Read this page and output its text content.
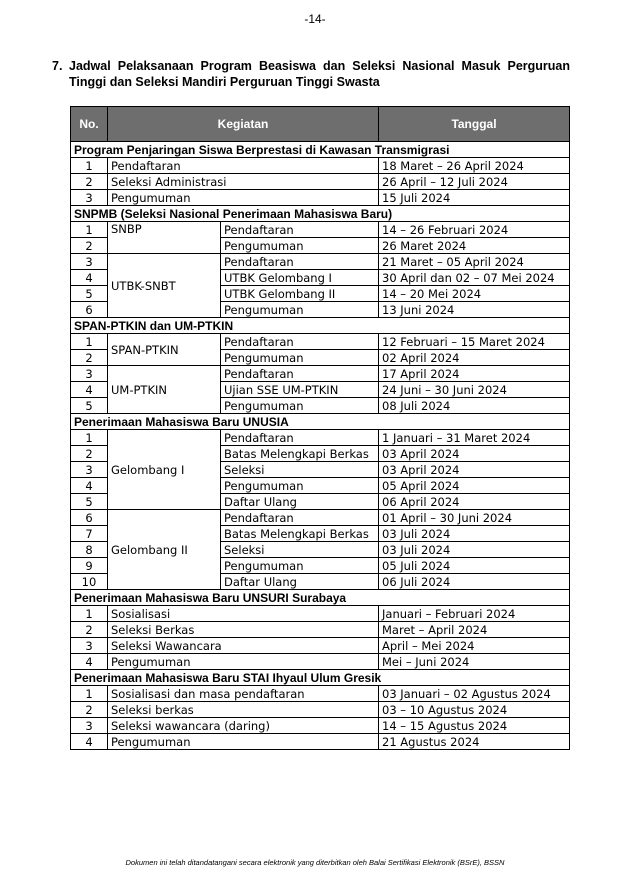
-14-
7. Jadwal Pelaksanaan Program Beasiswa dan Seleksi Nasional Masuk Perguruan Tinggi dan Seleksi Mandiri Perguruan Tinggi Swasta
No.	Kegiatan		Tanggal
Program Penjaringan Siswa Berprestasi di Kawasan Transmigrasi			
1	Pendaftaran		18 Maret – 26 April 2024
2	Seleksi Administrasi		26 April – 12 Juli 2024
3	Pengumuman		15 Juli 2024
SNPMB (Seleksi Nasional Penerimaan Mahasiswa Baru)			
1	SNBP	Pendaftaran	14 – 26 Februari 2024
2		Pengumuman	26 Maret 2024
3	UTBK-SNBT	Pendaftaran	21 Maret – 05 April 2024
4		UTBK Gelombang I	30 April dan 02 – 07 Mei 2024
5		UTBK Gelombang II	14 – 20 Mei 2024
6		Pengumuman	13 Juni 2024
SPAN-PTKIN dan UM-PTKIN			
1	SPAN-PTKIN	Pendaftaran	12 Februari – 15 Maret 2024
2		Pengumuman	02 April 2024
3	UM-PTKIN	Pendaftaran	17 April 2024
4		Ujian SSE UM-PTKIN	24 Juni – 30 Juni 2024
5		Pengumuman	08 Juli 2024
Penerimaan Mahasiswa Baru UNUSIA			
1	Gelombang I	Pendaftaran	1 Januari – 31 Maret 2024
2		Batas Melengkapi Berkas	03 April 2024
3		Seleksi	03 April 2024
4		Pengumuman	05 April 2024
5		Daftar Ulang	06 April 2024
6	Gelombang II	Pendaftaran	01 April – 30 Juni 2024
7		Batas Melengkapi Berkas	03 Juli 2024
8		Seleksi	03 Juli 2024
9		Pengumuman	05 Juli 2024
10		Daftar Ulang	06 Juli 2024
Penerimaan Mahasiswa Baru UNSURI Surabaya			
1	Sosialisasi		Januari – Februari 2024
2	Seleksi Berkas		Maret – April 2024
3	Seleksi Wawancara		April – Mei 2024
4	Pengumuman		Mei – Juni 2024
Penerimaan Mahasiswa Baru STAI Ihyaul Ulum Gresik			
1	Sosialisasi dan masa pendaftaran		03 Januari – 02 Agustus 2024
2	Seleksi berkas		03 – 10 Agustus 2024
3	Seleksi wawancara (daring)		14 – 15 Agustus 2024
4	Pengumuman		21 Agustus 2024
Dokumen ini telah ditandatangani secara elektronik yang diterbitkan oleh Balai Sertifikasi Elektronik (BSrE), BSSN
